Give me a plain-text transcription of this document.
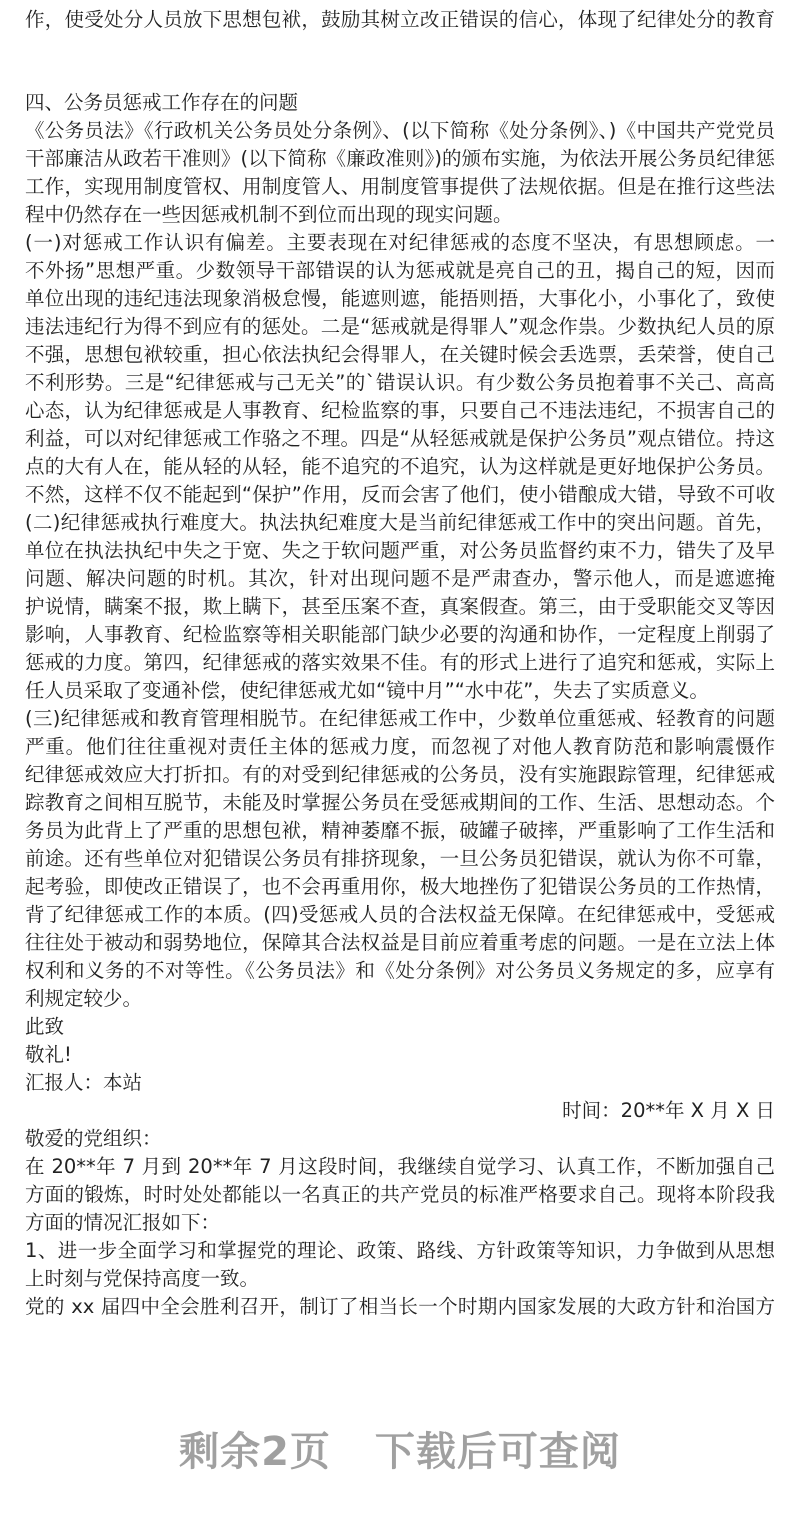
作，使受处分人员放下思想包袱，鼓励其树立改正错误的信心，体现了纪律处分的教育
四、公务员惩戒工作存在的问题
《公务员法》《行政机关公务员处分条例》、(以下简称《处分条例》、)《中国共产党党员
干部廉洁从政若干准则》(以下简称《廉政准则》)的颁布实施，为依法开展公务员纪律惩
工作，实现用制度管权、用制度管人、用制度管事提供了法规依据。但是在推行这些法
程中仍然存在一些因惩戒机制不到位而出现的现实问题。
(一)对惩戒工作认识有偏差。主要表现在对纪律惩戒的态度不坚决，有思想顾虑。一
不外扬”思想严重。少数领导干部错误的认为惩戒就是亮自己的丑，揭自己的短，因而
单位出现的违纪违法现象消极怠慢，能遮则遮，能捂则捂，大事化小，小事化了，致使
违法违纪行为得不到应有的惩处。二是“惩戒就是得罪人”观念作祟。少数执纪人员的原
不强，思想包袱较重，担心依法执纪会得罪人，在关键时候会丢选票，丢荣誉，使自己
不利形势。三是“纪律惩戒与己无关”的`错误认识。有少数公务员抱着事不关己、高高
心态，认为纪律惩戒是人事教育、纪检监察的事，只要自己不违法违纪，不损害自己的
利益，可以对纪律惩戒工作骆之不理。四是“从轻惩戒就是保护公务员”观点错位。持这
点的大有人在，能从轻的从轻，能不追究的不追究，认为这样就是更好地保护公务员。
不然，这样不仅不能起到“保护”作用，反而会害了他们，使小错酿成大错，导致不可收
(二)纪律惩戒执行难度大。执法执纪难度大是当前纪律惩戒工作中的突出问题。首先，
单位在执法执纪中失之于宽、失之于软问题严重，对公务员监督约束不力，错失了及早
问题、解决问题的时机。其次，针对出现问题不是严肃查办，警示他人，而是遮遮掩
护说情，瞒案不报，欺上瞒下，甚至压案不查，真案假查。第三，由于受职能交叉等因
影响，人事教育、纪检监察等相关职能部门缺少必要的沟通和协作，一定程度上削弱了
惩戒的力度。第四，纪律惩戒的落实效果不佳。有的形式上进行了追究和惩戒，实际上
任人员采取了变通补偿，使纪律惩戒尤如“镜中月”“水中花”，失去了实质意义。
(三)纪律惩戒和教育管理相脱节。在纪律惩戒工作中，少数单位重惩戒、轻教育的问题
严重。他们往往重视对责任主体的惩戒力度，而忽视了对他人教育防范和影响震慑作
纪律惩戒效应大打折扣。有的对受到纪律惩戒的公务员，没有实施跟踪管理，纪律惩戒
踪教育之间相互脱节，未能及时掌握公务员在受惩戒期间的工作、生活、思想动态。个
务员为此背上了严重的思想包袱，精神萎靡不振，破罐子破摔，严重影响了工作生活和
前途。还有些单位对犯错误公务员有排挤现象，一旦公务员犯错误，就认为你不可靠，
起考验，即使改正错误了，也不会再重用你，极大地挫伤了犯错误公务员的工作热情，
背了纪律惩戒工作的本质。(四)受惩戒人员的合法权益无保障。在纪律惩戒中，受惩戒
往往处于被动和弱势地位，保障其合法权益是目前应着重考虑的问题。一是在立法上体
权利和义务的不对等性。《公务员法》和《处分条例》对公务员义务规定的多，应享有
利规定较少。
此致
敬礼!
汇报人：本站
时间：20**年 X 月 X 日
敬爱的党组织：
在 20**年 7 月到 20**年 7 月这段时间，我继续自觉学习、认真工作，不断加强自己
方面的锻炼，时时处处都能以一名真正的共产党员的标准严格要求自己。现将本阶段我
方面的情况汇报如下：
1、进一步全面学习和掌握党的理论、政策、路线、方针政策等知识，力争做到从思想
上时刻与党保持高度一致。
党的 xx 届四中全会胜利召开，制订了相当长一个时期内国家发展的大政方针和治国方
剩余2页 下载后可查阅
